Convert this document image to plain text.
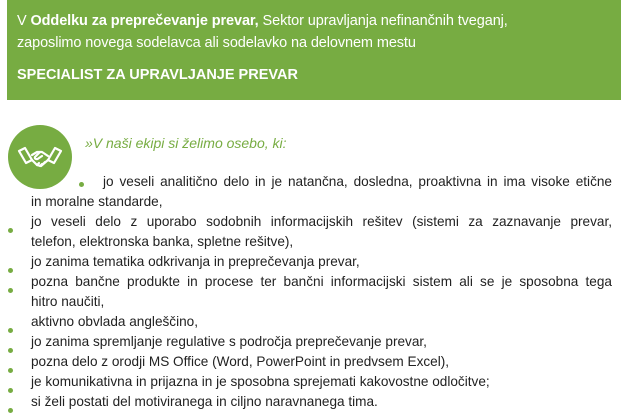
V Oddelku za preprečevanje prevar, Sektor upravljanja nefinančnih tveganj,
zaposlimo novega sodelavca ali sodelavko na delovnem mestu
SPECIALIST ZA UPRAVLJANJE PREVAR
»V naši ekipi si želimo osebo, ki:
jo veseli analitično delo in je natančna, dosledna, proaktivna in ima visoke etične
in moralne standarde,
jo veseli delo z uporabo sodobnih informacijskih rešitev (sistemi za zaznavanje prevar,
telefon, elektronska banka, spletne rešitve),
jo zanima tematika odkrivanja in preprečevanja prevar,
pozna bančne produkte in procese ter bančni informacijski sistem ali se je sposobna tega
hitro naučiti,
aktivno obvlada angleščino,
jo zanima spremljanje regulative s področja preprečevanje prevar,
pozna delo z orodji MS Office (Word, PowerPoint in predvsem Excel),
je komunikativna in prijazna in je sposobna sprejemati kakovostne odločitve;
si želi postati del motiviranega in ciljno naravnanega tima.
